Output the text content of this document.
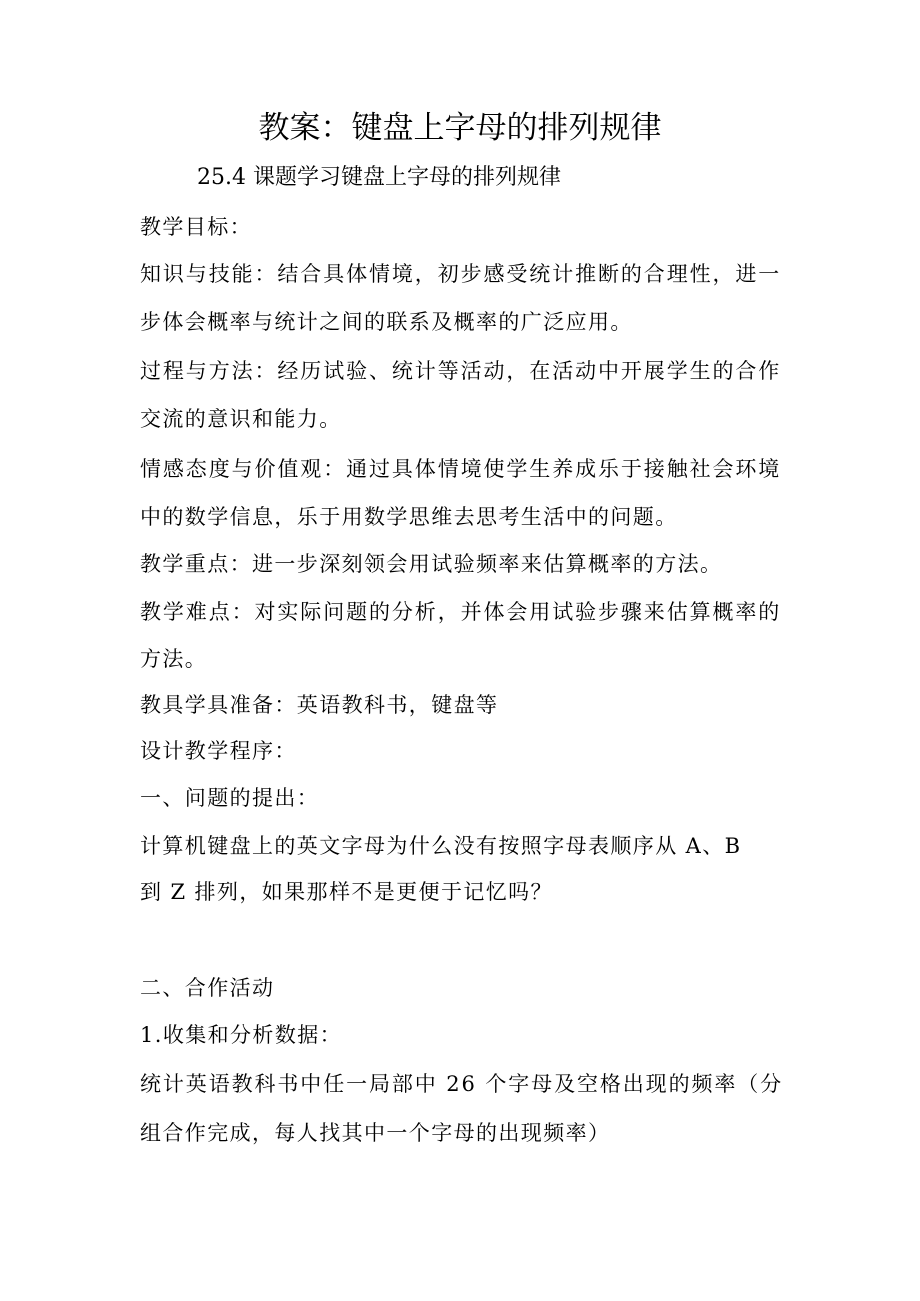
教案：键盘上字母的排列规律
25.4 课题学习键盘上字母的排列规律
教学目标：
知识与技能：结合具体情境，初步感受统计推断的合理性，进一
步体会概率与统计之间的联系及概率的广泛应用。
过程与方法：经历试验、统计等活动，在活动中开展学生的合作
交流的意识和能力。
情感态度与价值观：通过具体情境使学生养成乐于接触社会环境
中的数学信息，乐于用数学思维去思考生活中的问题。
教学重点：进一步深刻领会用试验频率来估算概率的方法。
教学难点：对实际问题的分析，并体会用试验步骤来估算概率的
方法。
教具学具准备：英语教科书，键盘等
设计教学程序：
一、问题的提出：
计算机键盘上的英文字母为什么没有按照字母表顺序从 A、B
到 Z 排列，如果那样不是更便于记忆吗？
二、合作活动
1.收集和分析数据：
统计英语教科书中任一局部中 26 个字母及空格出现的频率（分
组合作完成，每人找其中一个字母的出现频率）
